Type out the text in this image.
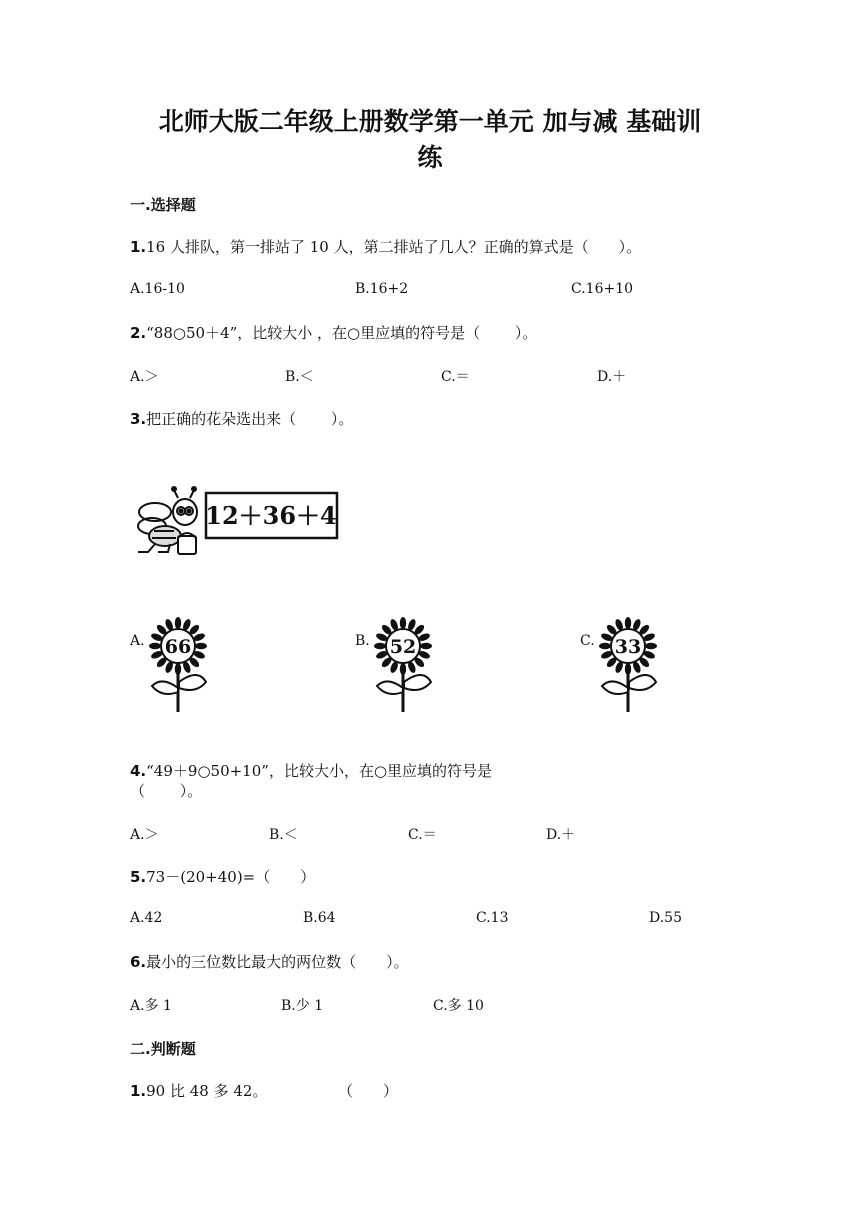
北师大版二年级上册数学第一单元 加与减 基础训
练
一.选择题
1.16 人排队，第一排站了 10 人，第二排站了几人？正确的算式是（　　）。
A.16-10	B.16+2	C.16+10
2.“88○50＋4”，比较大小 ，在○里应填的符号是（　　 ）。
A.＞	B.＜	C.＝	D.＋
3.把正确的花朵选出来（　　 ）。
12＋36＋4
A.	B.	C.
66	52	33
4.“49＋9○50+10”，比较大小，在○里应填的符号是
（　　 ）。
A.＞	B.＜	C.＝	D.＋
5.73－(20+40)=（　　）
A.42	B.64	C.13	D.55
6.最小的三位数比最大的两位数（　　）。
A.多 1	B.少 1	C.多 10
二.判断题
1.90 比 48 多 42。	（　　）
